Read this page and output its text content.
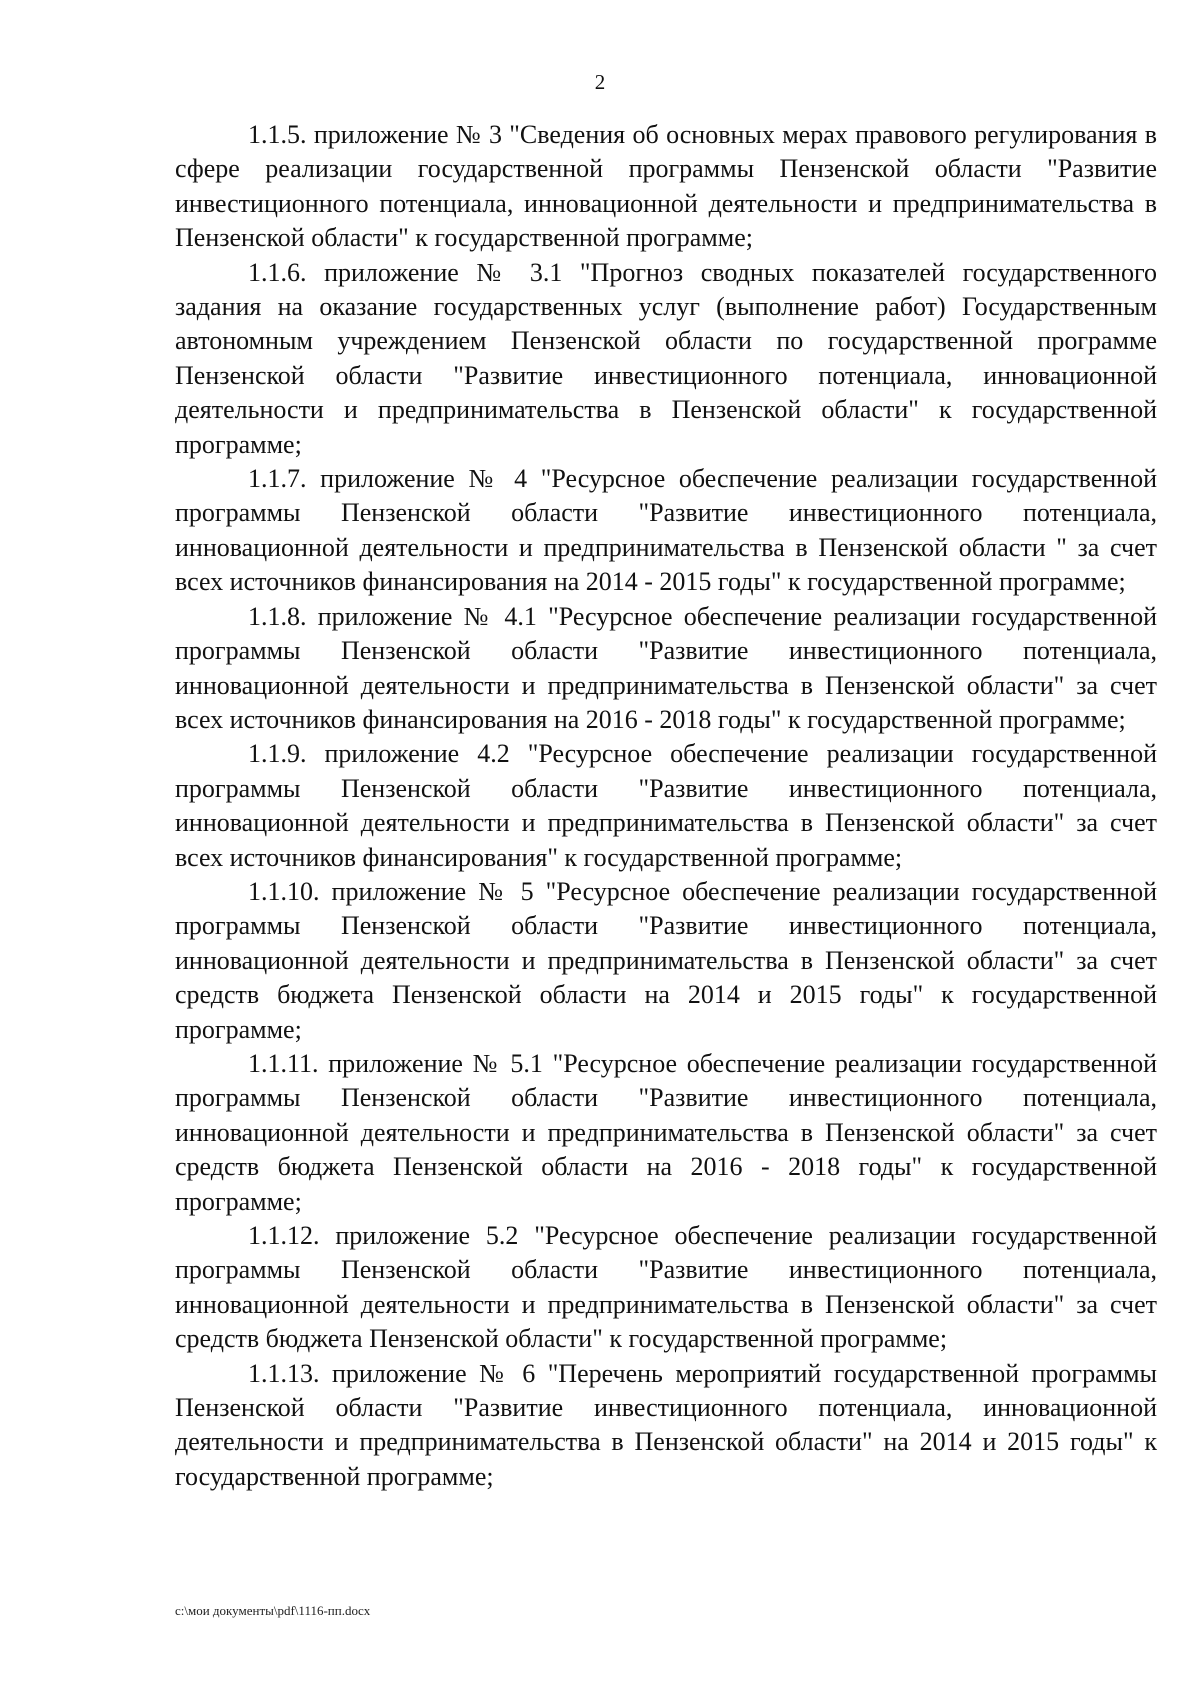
2

1.1.5. приложение № 3 "Сведения об основных мерах правового регулирования в сфере реализации государственной программы Пензенской области "Развитие инвестиционного потенциала, инновационной деятельности и предпринимательства в Пензенской области" к государственной программе;

1.1.6. приложение № 3.1 "Прогноз сводных показателей государственного задания на оказание государственных услуг (выполнение работ) Государственным автономным учреждением Пензенской области по государственной программе Пензенской области "Развитие инвестиционного потенциала, инновационной деятельности и предпринимательства в Пензенской области" к государственной программе;

1.1.7. приложение № 4 "Ресурсное обеспечение реализации государственной программы Пензенской области "Развитие инвестиционного потенциала, инновационной деятельности и предпринимательства в Пензенской области " за счет всех источников финансирования на 2014 - 2015 годы" к государственной программе;

1.1.8. приложение № 4.1 "Ресурсное обеспечение реализации государственной программы Пензенской области "Развитие инвестиционного потенциала, инновационной деятельности и предпринимательства в Пензенской области" за счет всех источников финансирования на 2016 - 2018 годы" к государственной программе;

1.1.9. приложение 4.2 "Ресурсное обеспечение реализации государственной программы Пензенской области "Развитие инвестиционного потенциала, инновационной деятельности и предпринимательства в Пензенской области" за счет всех источников финансирования" к государственной программе;

1.1.10. приложение № 5 "Ресурсное обеспечение реализации государственной программы Пензенской области "Развитие инвестиционного потенциала, инновационной деятельности и предпринимательства в Пензенской области" за счет средств бюджета Пензенской области на 2014 и 2015 годы" к государственной программе;

1.1.11. приложение № 5.1 "Ресурсное обеспечение реализации государственной программы Пензенской области "Развитие инвестиционного потенциала, инновационной деятельности и предпринимательства в Пензенской области" за счет средств бюджета Пензенской области на 2016 - 2018 годы" к государственной программе;

1.1.12. приложение 5.2 "Ресурсное обеспечение реализации государственной программы Пензенской области "Развитие инвестиционного потенциала, инновационной деятельности и предпринимательства в Пензенской области" за счет средств бюджета Пензенской области" к государственной программе;

1.1.13. приложение № 6 "Перечень мероприятий государственной программы Пензенской области "Развитие инвестиционного потенциала, инновационной деятельности и предпринимательства в Пензенской области" на 2014 и 2015 годы" к государственной программе;

c:\мои документы\pdf\1116-пп.docx
